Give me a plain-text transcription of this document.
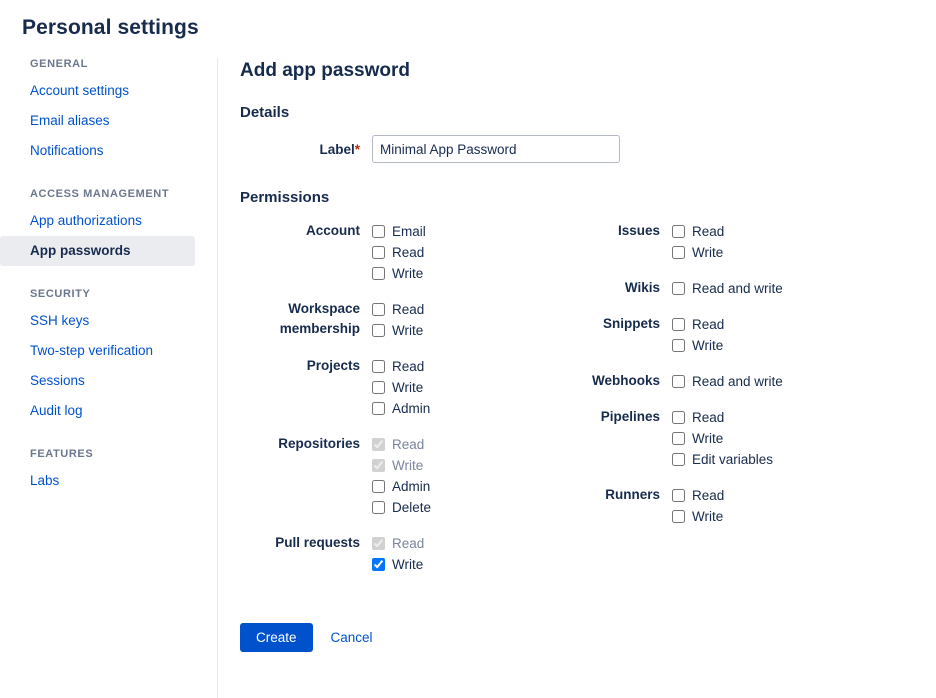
Personal settings
GENERAL
Account settings
Email aliases
Notifications
ACCESS MANAGEMENT
App authorizations
App passwords
SECURITY
SSH keys
Two-step verification
Sessions
Audit log
FEATURES
Labs
Add app password
Details
Label*
Minimal App Password
Permissions
Account	Email
Read
Write
Workspace membership
Read
Write
Projects	Read
Write
Admin
Repositories	Read
Write
Admin
Delete
Pull requests	Read
Write
Issues	Read
Write
Wikis	Read and write
Snippets	Read
Write
Webhooks	Read and write
Pipelines	Read
Write
Edit variables
Runners	Read
Write
Create	Cancel
